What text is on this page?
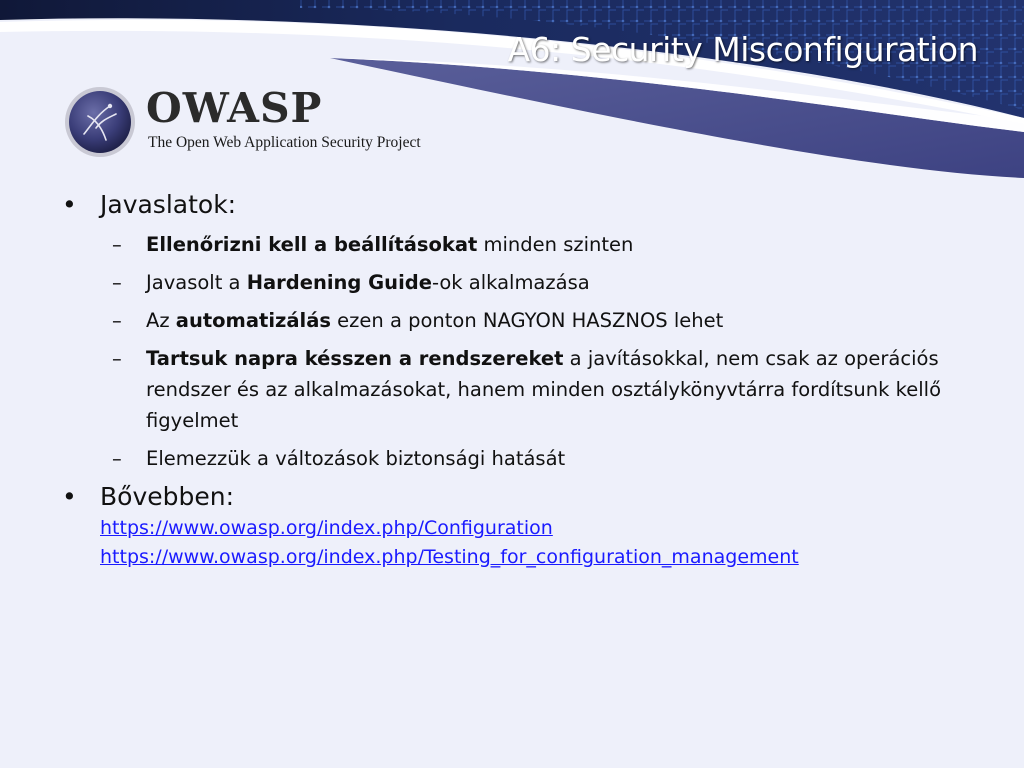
A6: Security Misconfiguration
OWASP
The Open Web Application Security Project
• Javaslatok:
– Ellenőrizni kell a beállításokat minden szinten
– Javasolt a Hardening Guide-ok alkalmazása
– Az automatizálás ezen a ponton NAGYON HASZNOS lehet
– Tartsuk napra késszen a rendszereket a javításokkal, nem csak az operációs rendszer és az alkalmazásokat, hanem minden osztálykönyvtárra fordítsunk kellő figyelmet
– Elemezzük a változások biztonsági hatását
• Bővebben:
https://www.owasp.org/index.php/Configuration
https://www.owasp.org/index.php/Testing_for_configuration_management
